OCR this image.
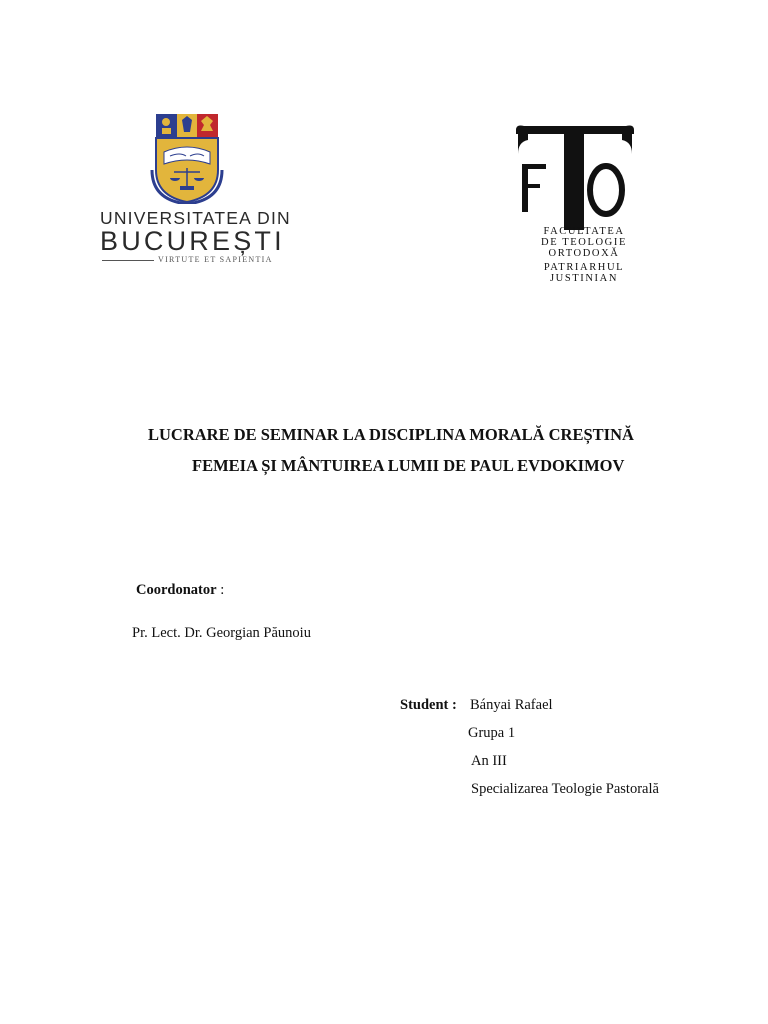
UNIVERSITATEA DIN
BUCUREȘTI
VIRTUTE ET SAPIENTIA
FACULTATEA
DE TEOLOGIE
ORTODOXĂ
PATRIARHUL
JUSTINIAN
LUCRARE DE SEMINAR LA DISCIPLINA MORALĂ CREȘTINĂ
FEMEIA ȘI MÂNTUIREA LUMII DE PAUL EVDOKIMOV
Coordonator :
Pr. Lect. Dr. Georgian Păunoiu
Student : Bányai Rafael
Grupa 1
An III
Specializarea Teologie Pastorală
